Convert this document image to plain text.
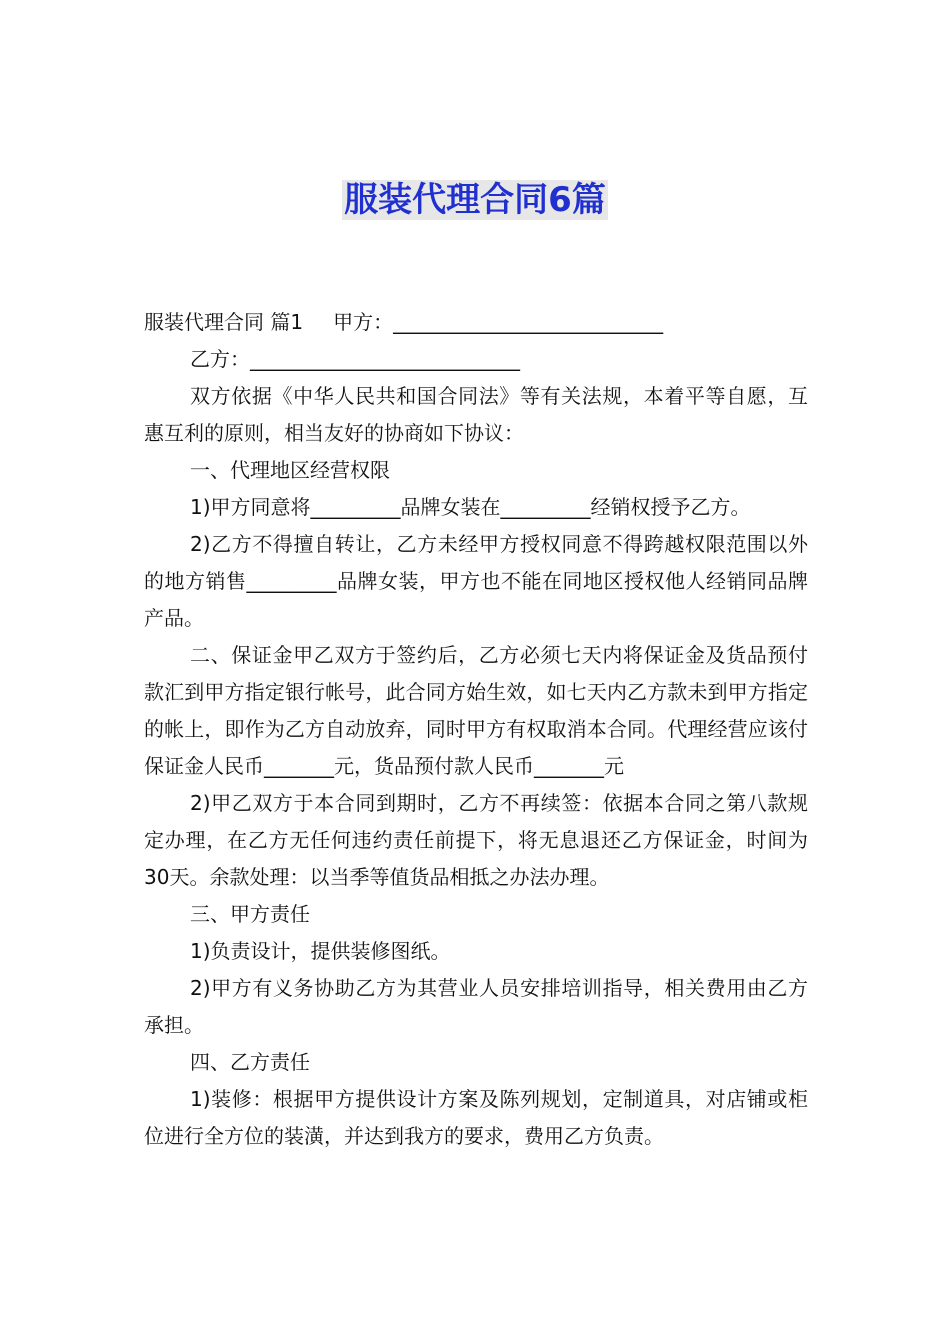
服装代理合同6篇

服装代理合同 篇1 甲方：___________________________

乙方：___________________________

双方依据《中华人民共和国合同法》等有关法规，本着平等自愿，互惠互利的原则，相当友好的协商如下协议：

一、代理地区经营权限

1)甲方同意将_________品牌女装在_________经销权授予乙方。

2)乙方不得擅自转让，乙方未经甲方授权同意不得跨越权限范围以外的地方销售_________品牌女装，甲方也不能在同地区授权他人经销同品牌产品。

二、保证金甲乙双方于签约后，乙方必须七天内将保证金及货品预付款汇到甲方指定银行帐号，此合同方始生效，如七天内乙方款未到甲方指定的帐上，即作为乙方自动放弃，同时甲方有权取消本合同。代理经营应该付保证金人民币_______元，货品预付款人民币_______元

2)甲乙双方于本合同到期时，乙方不再续签：依据本合同之第八款规定办理，在乙方无任何违约责任前提下，将无息退还乙方保证金，时间为30天。余款处理：以当季等值货品相抵之办法办理。

三、甲方责任

1)负责设计，提供装修图纸。

2)甲方有义务协助乙方为其营业人员安排培训指导，相关费用由乙方承担。

四、乙方责任

1)装修：根据甲方提供设计方案及陈列规划，定制道具，对店铺或柜位进行全方位的装潢，并达到我方的要求，费用乙方负责。
